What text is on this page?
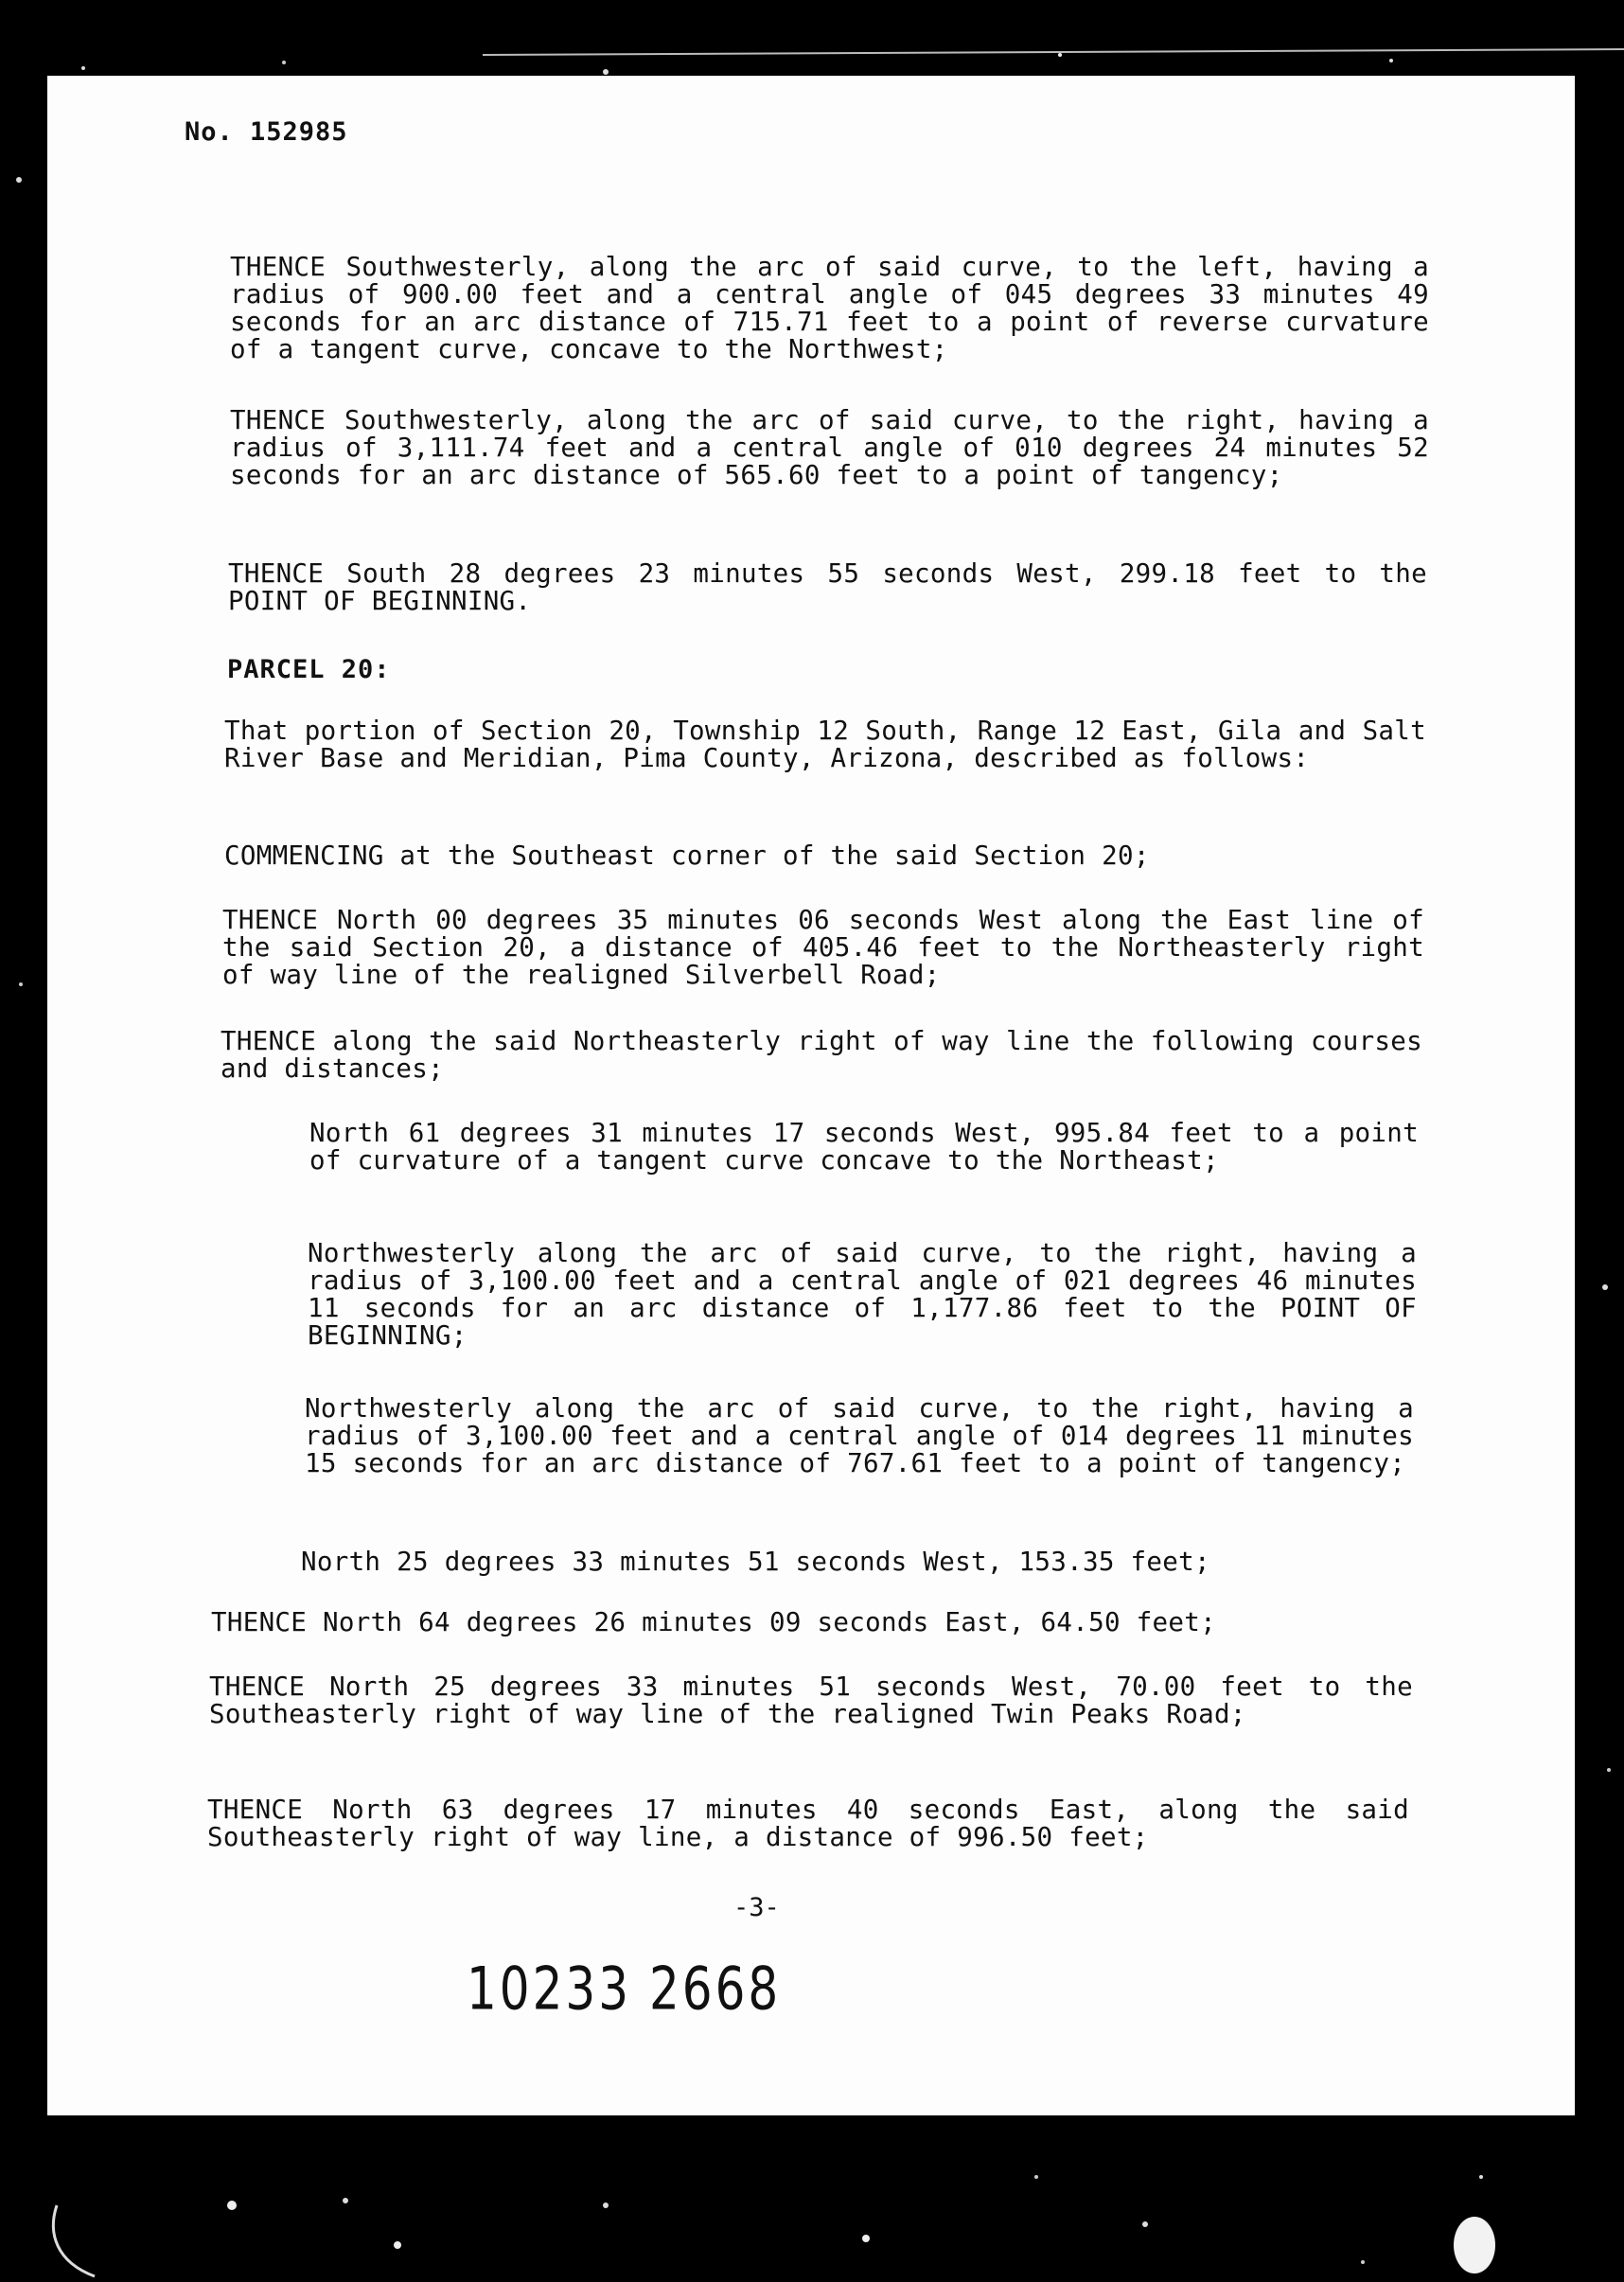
No. 152985
THENCE Southwesterly, along the arc of said curve, to the left, having a radius of 900.00 feet and a central angle of 045 degrees 33 minutes 49 seconds for an arc distance of 715.71 feet to a point of reverse curvature of a tangent curve, concave to the Northwest;
THENCE Southwesterly, along the arc of said curve, to the right, having a radius of 3,111.74 feet and a central angle of 010 degrees 24 minutes 52 seconds for an arc distance of 565.60 feet to a point of tangency;
THENCE South 28 degrees 23 minutes 55 seconds West, 299.18 feet to the POINT OF BEGINNING.
PARCEL 20:
That portion of Section 20, Township 12 South, Range 12 East, Gila and Salt River Base and Meridian, Pima County, Arizona, described as follows:
COMMENCING at the Southeast corner of the said Section 20;
THENCE North 00 degrees 35 minutes 06 seconds West along the East line of the said Section 20, a distance of 405.46 feet to the Northeasterly right of way line of the realigned Silverbell Road;
THENCE along the said Northeasterly right of way line the following courses and distances;
North 61 degrees 31 minutes 17 seconds West, 995.84 feet to a point of curvature of a tangent curve concave to the Northeast;
Northwesterly along the arc of said curve, to the right, having a radius of 3,100.00 feet and a central angle of 021 degrees 46 minutes 11 seconds for an arc distance of 1,177.86 feet to the POINT OF BEGINNING;
Northwesterly along the arc of said curve, to the right, having a radius of 3,100.00 feet and a central angle of 014 degrees 11 minutes 15 seconds for an arc distance of 767.61 feet to a point of tangency;
North 25 degrees 33 minutes 51 seconds West, 153.35 feet;
THENCE North 64 degrees 26 minutes 09 seconds East, 64.50 feet;
THENCE North 25 degrees 33 minutes 51 seconds West, 70.00 feet to the Southeasterly right of way line of the realigned Twin Peaks Road;
THENCE North 63 degrees 17 minutes 40 seconds East, along the said Southeasterly right of way line, a distance of 996.50 feet;
-3-
10233 2668
